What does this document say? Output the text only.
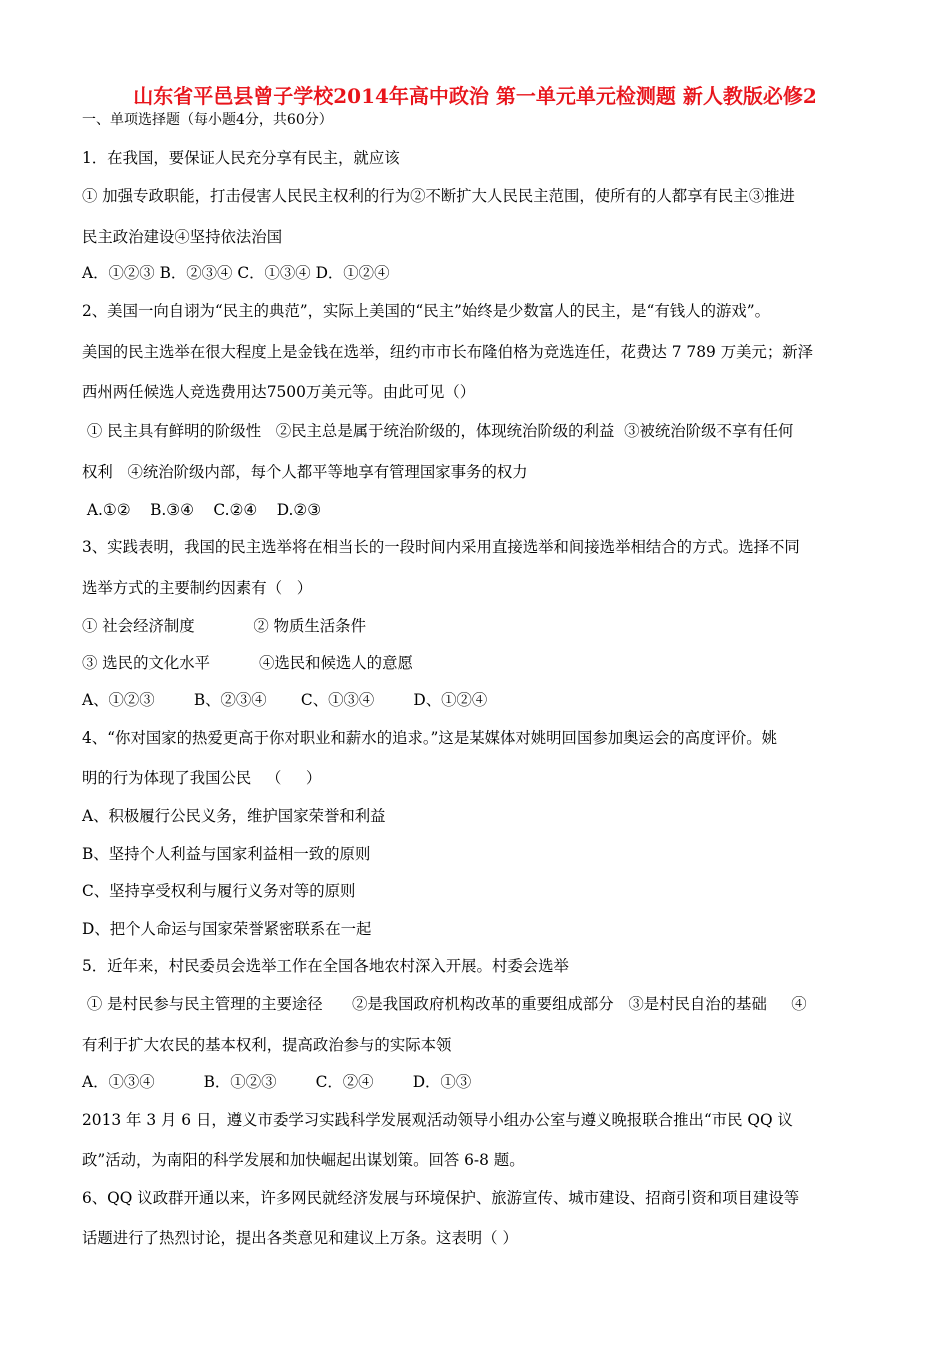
山东省平邑县曾子学校2014年高中政治 第一单元单元检测题 新人教版必修2
一、单项选择题（每小题4分，共60分）
1．在我国，要保证人民充分享有民主，就应该
① 加强专政职能，打击侵害人民民主权利的行为②不断扩大人民民主范围，使所有的人都享有民主③推进
民主政治建设④坚持依法治国
A．①②③ B．②③④ C．①③④ D．①②④
2、美国一向自诩为“民主的典范”，实际上美国的“民主”始终是少数富人的民主，是“有钱人的游戏”。
美国的民主选举在很大程度上是金钱在选举，纽约市市长布隆伯格为竞选连任，花费达 7 789 万美元；新泽
西州两任候选人竞选费用达7500万美元等。由此可见（）
① 民主具有鲜明的阶级性   ②民主总是属于统治阶级的，体现统治阶级的利益  ③被统治阶级不享有任何
权利   ④统治阶级内部，每个人都平等地享有管理国家事务的权力
A.①②    B.③④    C.②④    D.②③
3、实践表明，我国的民主选举将在相当长的一段时间内采用直接选举和间接选举相结合的方式。选择不同
选举方式的主要制约因素有（   ）
① 社会经济制度            ② 物质生活条件
③ 选民的文化水平          ④选民和候选人的意愿
A、①②③        B、②③④       C、①③④        D、①②④
4、“你对国家的热爱更高于你对职业和薪水的追求。”这是某媒体对姚明回国参加奥运会的高度评价。姚
明的行为体现了我国公民   （     ）
A、积极履行公民义务，维护国家荣誉和利益
B、坚持个人利益与国家利益相一致的原则
C、坚持享受权利与履行义务对等的原则
D、把个人命运与国家荣誉紧密联系在一起
5．近年来，村民委员会选举工作在全国各地农村深入开展。村委会选举
① 是村民参与民主管理的主要途径      ②是我国政府机构改革的重要组成部分   ③是村民自治的基础     ④
有利于扩大农民的基本权利，提高政治参与的实际本领
A．①③④          B．①②③        C．②④        D．①③
2013 年 3 月 6 日，遵义市委学习实践科学发展观活动领导小组办公室与遵义晚报联合推出“市民 QQ 议
政”活动，为南阳的科学发展和加快崛起出谋划策。回答 6-8 题。
6、QQ 议政群开通以来，许多网民就经济发展与环境保护、旅游宣传、城市建设、招商引资和项目建设等
话题进行了热烈讨论，提出各类意见和建议上万条。这表明（ ）
